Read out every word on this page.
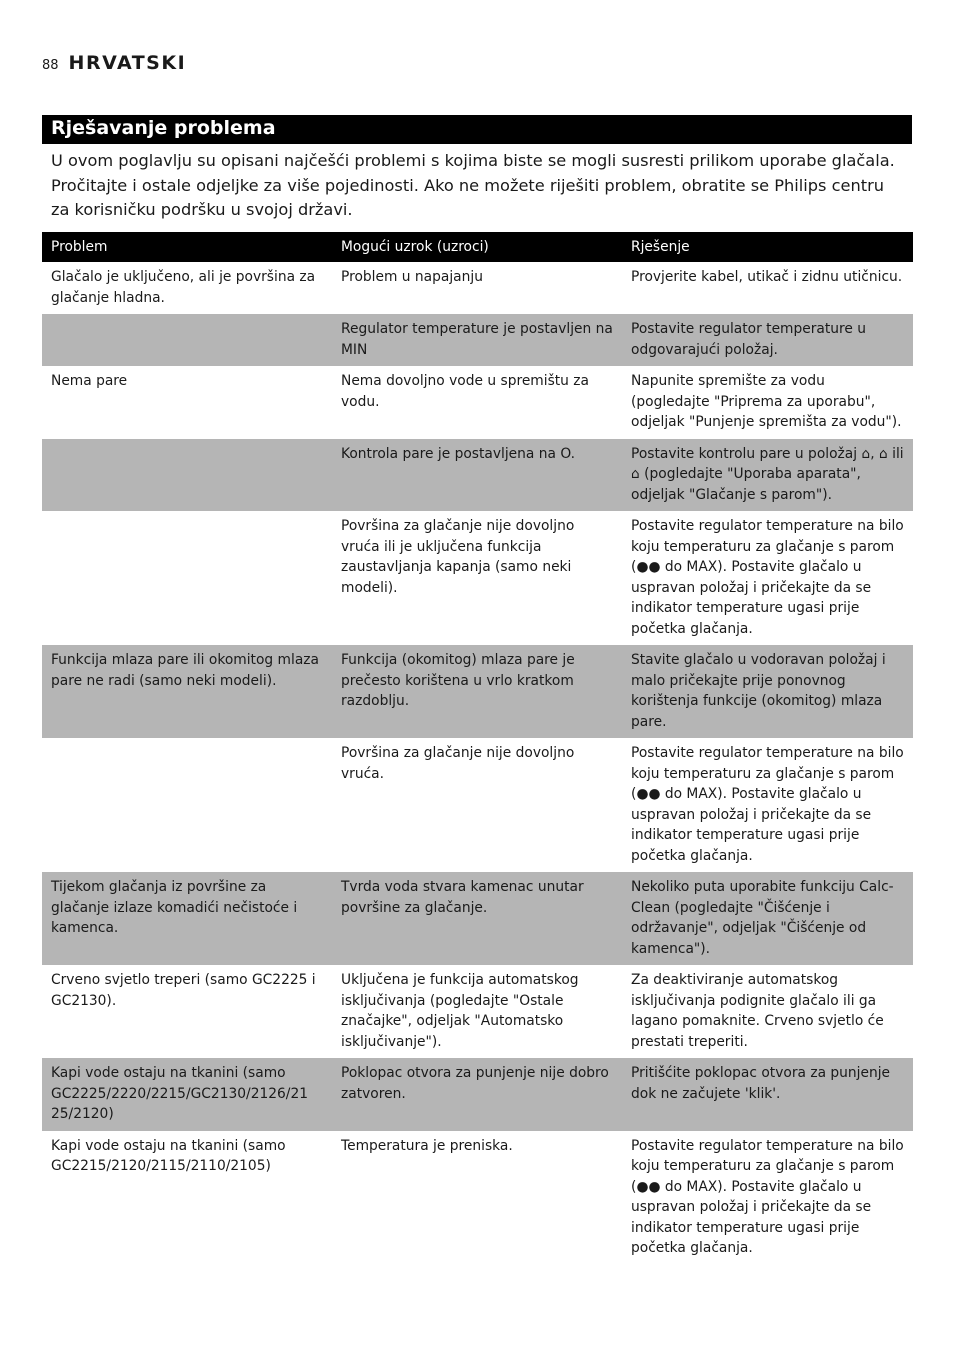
88 HRVATSKI
Rješavanje problema

U ovom poglavlju su opisani najčešći problemi s kojima biste se mogli susresti prilikom uporabe glačala. Pročitajte i ostale odjeljke za više pojedinosti. Ako ne možete riješiti problem, obratite se Philips centru za korisničku podršku u svojoj državi.

Problem	Mogući uzrok (uzroci)	Rješenje
Glačalo je uključeno, ali je površina za glačanje hladna.	Problem u napajanju	Provjerite kabel, utikač i zidnu utičnicu.
	Regulator temperature je postavljen na MIN	Postavite regulator temperature u odgovarajući položaj.
Nema pare	Nema dovoljno vode u spremištu za vodu.	Napunite spremište za vodu (pogledajte "Priprema za uporabu", odjeljak "Punjenje spremišta za vodu").
	Kontrola pare je postavljena na O.	Postavite kontrolu pare u položaj ⌂, ⌂ ili ⌂ (pogledajte "Uporaba aparata", odjeljak "Glačanje s parom").
	Površina za glačanje nije dovoljno vruća ili je uključena funkcija zaustavljanja kapanja (samo neki modeli).	Postavite regulator temperature na bilo koju temperaturu za glačanje s parom (●● do MAX). Postavite glačalo u uspravan položaj i pričekajte da se indikator temperature ugasi prije početka glačanja.
Funkcija mlaza pare ili okomitog mlaza pare ne radi (samo neki modeli).	Funkcija (okomitog) mlaza pare je prečesto korištena u vrlo kratkom razdoblju.	Stavite glačalo u vodoravan položaj i malo pričekajte prije ponovnog korištenja funkcije (okomitog) mlaza pare.
	Površina za glačanje nije dovoljno vruća.	Postavite regulator temperature na bilo koju temperaturu za glačanje s parom (●● do MAX). Postavite glačalo u uspravan položaj i pričekajte da se indikator temperature ugasi prije početka glačanja.
Tijekom glačanja iz površine za glačanje izlaze komadići nečistoće i kamenca.	Tvrda voda stvara kamenac unutar površine za glačanje.	Nekoliko puta uporabite funkciju Calc-Clean (pogledajte "Čišćenje i održavanje", odjeljak "Čišćenje od kamenca").
Crveno svjetlo treperi (samo GC2225 i GC2130).	Uključena je funkcija automatskog isključivanja (pogledajte "Ostale značajke", odjeljak "Automatsko isključivanje").	Za deaktiviranje automatskog isključivanja podignite glačalo ili ga lagano pomaknite. Crveno svjetlo će prestati treperiti.
Kapi vode ostaju na tkanini (samo GC2225/2220/2215/GC2130/2126/21 25/2120)	Poklopac otvora za punjenje nije dobro zatvoren.	Pritišćite poklopac otvora za punjenje dok ne začujete 'klik'.
Kapi vode ostaju na tkanini (samo GC2215/2120/2115/2110/2105)	Temperatura je preniska.	Postavite regulator temperature na bilo koju temperaturu za glačanje s parom (●● do MAX). Postavite glačalo u uspravan položaj i pričekajte da se indikator temperature ugasi prije početka glačanja.
